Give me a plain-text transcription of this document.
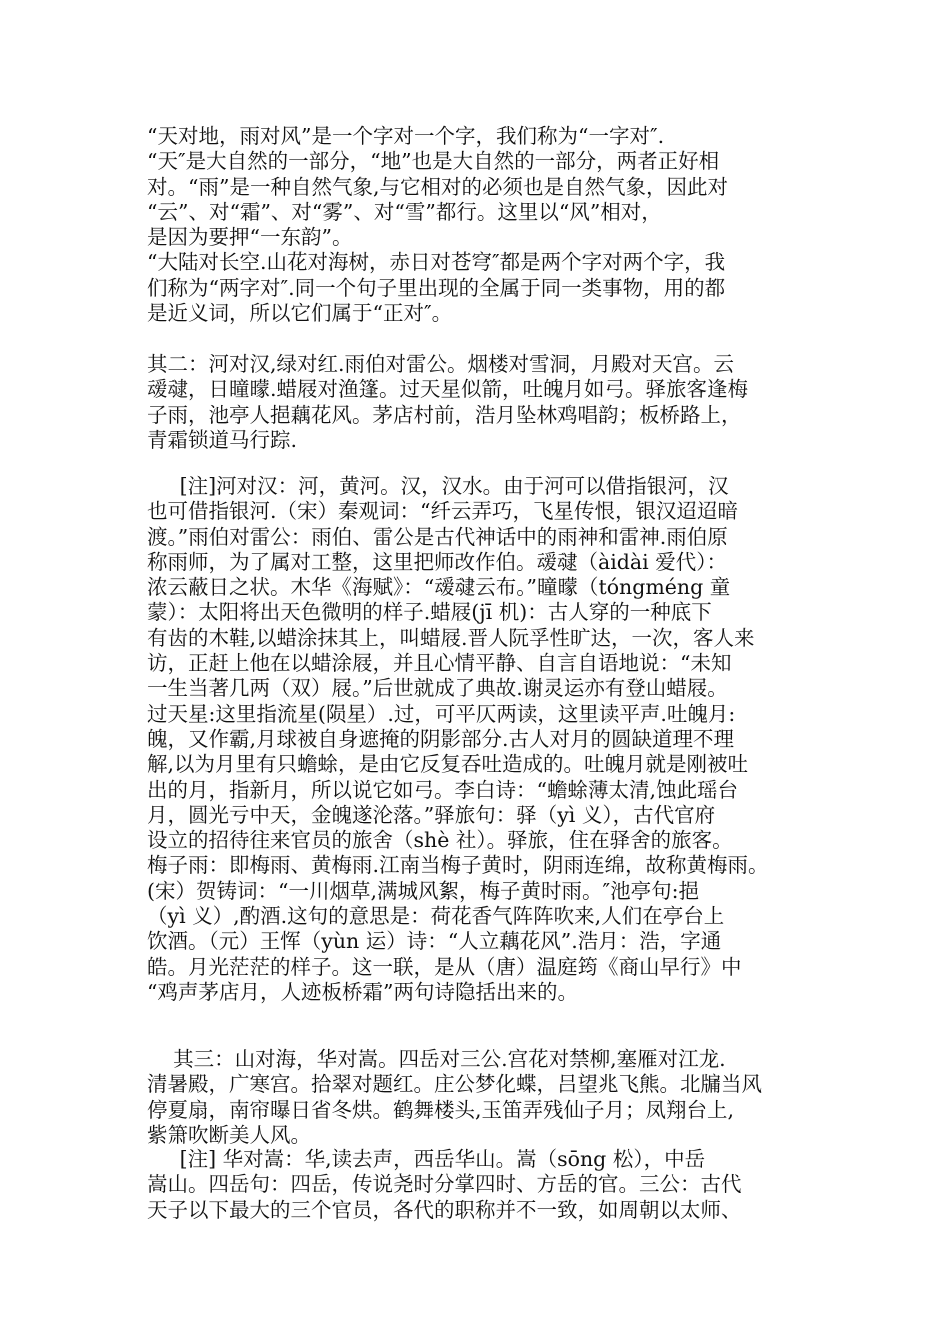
“天对地，雨对风”是一个字对一个字，我们称为“一字对″.
“天″是大自然的一部分，“地”也是大自然的一部分，两者正好相
对。“雨”是一种自然气象,与它相对的必须也是自然气象，因此对
“云”、对“霜”、对“雾”、对“雪”都行。这里以“风”相对，
是因为要押“一东韵”。
“大陆对长空.山花对海树，赤日对苍穹″都是两个字对两个字，我
们称为“两字对″.同一个句子里出现的全属于同一类事物，用的都
是近义词，所以它们属于“正对″。

其二：河对汉,绿对红.雨伯对雷公。烟楼对雪洞，月殿对天宫。云
叆叇，日曈曚.蜡屐对渔篷。过天星似箭，吐魄月如弓。驿旅客逢梅
子雨，池亭人挹藕花风。茅店村前，浩月坠林鸡唱韵；板桥路上，
青霜锁道马行踪.

[注]河对汉：河，黄河。汉，汉水。由于河可以借指银河，汉
也可借指银河.（宋）秦观词：“纤云弄巧，飞星传恨，银汉迢迢暗
渡。”雨伯对雷公：雨伯、雷公是古代神话中的雨神和雷神.雨伯原
称雨师，为了属对工整，这里把师改作伯。叆叇（àidài 爱代）：
浓云蔽日之状。木华《海赋》：“叆叇云布。”曈曚（tóngméng 童
蒙）：太阳将出天色微明的样子.蜡屐(jī 机)：古人穿的一种底下
有齿的木鞋,以蜡涂抹其上，叫蜡屐.晋人阮孚性旷达，一次，客人来
访，正赶上他在以蜡涂屐，并且心情平静、自言自语地说：“未知
一生当著几两（双）屐。”后世就成了典故.谢灵运亦有登山蜡屐。
过天星:这里指流星(陨星）.过，可平仄两读，这里读平声.吐魄月:
魄，又作霸,月球被自身遮掩的阴影部分.古人对月的圆缺道理不理
解,以为月里有只蟾蜍，是由它反复吞吐造成的。吐魄月就是刚被吐
出的月，指新月，所以说它如弓。李白诗：“蟾蜍薄太清,蚀此瑶台
月，圆光亏中天，金魄遂沦落。”驿旅句：驿（yì 义），古代官府
设立的招待往来官员的旅舍（shè 社）。驿旅，住在驿舍的旅客。
梅子雨：即梅雨、黄梅雨.江南当梅子黄时，阴雨连绵，故称黄梅雨。
(宋）贺铸词：“一川烟草,满城风絮，梅子黄时雨。″池亭句:挹
（yì 义）,酌酒.这句的意思是：荷花香气阵阵吹来,人们在亭台上
饮酒。（元）王恽（yùn 运）诗：“人立藕花风”.浩月：浩，字通
皓。月光茫茫的样子。这一联，是从（唐）温庭筠《商山早行》中
“鸡声茅店月，人迹板桥霜”两句诗隐括出来的。

其三：山对海，华对嵩。四岳对三公.宫花对禁柳,塞雁对江龙.
清暑殿，广寒宫。拾翠对题红。庄公梦化蝶，吕望兆飞熊。北牖当风
停夏扇，南帘曝日省冬烘。鹤舞楼头,玉笛弄残仙子月；凤翔台上,
紫箫吹断美人风。

[注] 华对嵩：华,读去声，西岳华山。嵩（sōng 松），中岳
嵩山。四岳句：四岳，传说尧时分掌四时、方岳的官。三公：古代
天子以下最大的三个官员，各代的职称并不一致，如周朝以太师、
